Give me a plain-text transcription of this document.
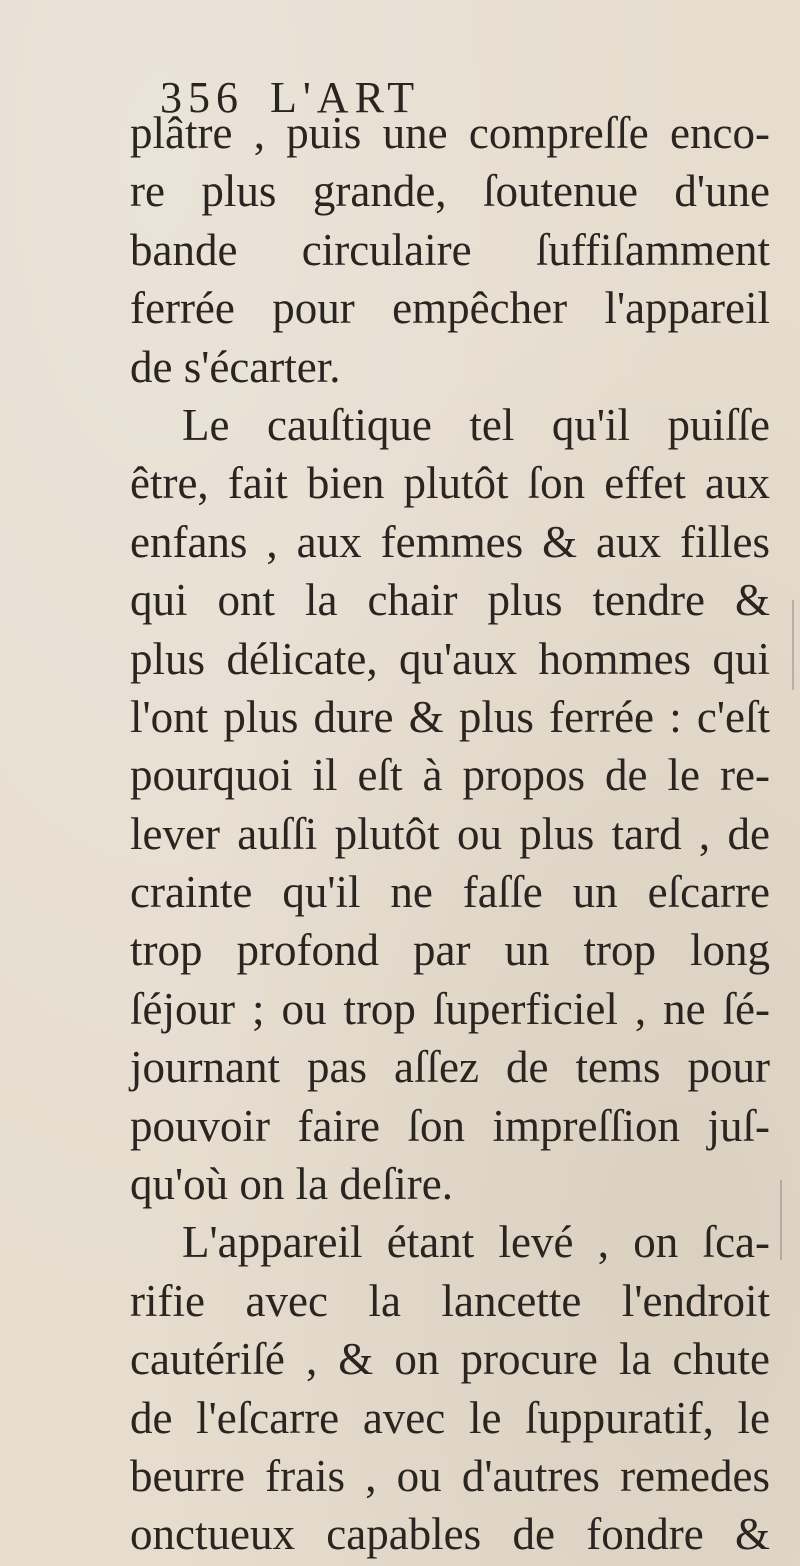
356 L'ART
plâtre , puis une compreſſe enco-
re plus grande, ſoutenue d'une
bande circulaire ſuffiſamment
ferrée pour empêcher l'appareil
de s'écarter.
Le cauſtique tel qu'il puiſſe
être, fait bien plutôt ſon effet aux
enfans , aux femmes & aux filles
qui ont la chair plus tendre &
plus délicate, qu'aux hommes qui
l'ont plus dure & plus ferrée : c'eſt
pourquoi il eſt à propos de le re-
lever auſſi plutôt ou plus tard , de
crainte qu'il ne faſſe un eſcarre
trop profond par un trop long
ſéjour ; ou trop ſuperficiel , ne ſé-
journant pas aſſez de tems pour
pouvoir faire ſon impreſſion juſ-
qu'où on la deſire.
L'appareil étant levé , on ſca-
rifie avec la lancette l'endroit
cautériſé , & on procure la chute
de l'eſcarre avec le ſuppuratif, le
beurre frais , ou d'autres remedes
onctueux capables de fondre &
